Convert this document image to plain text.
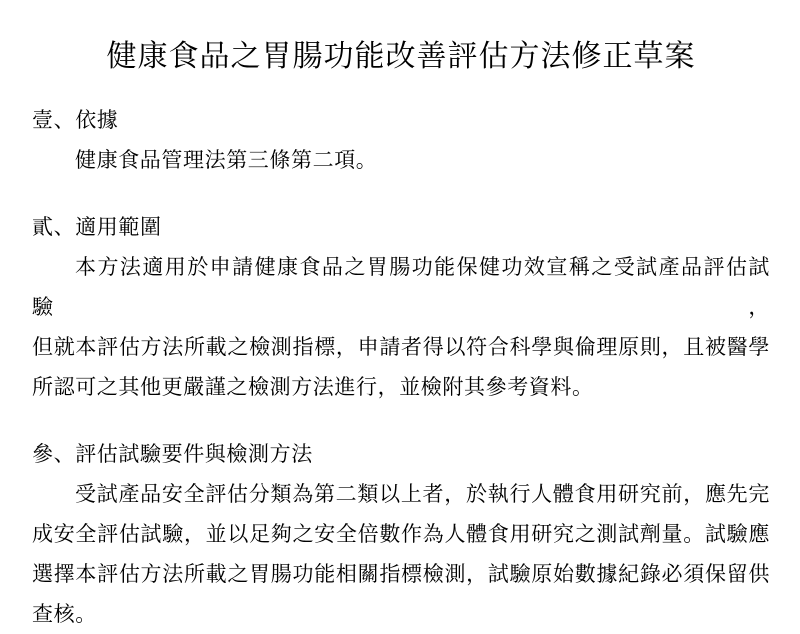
健康食品之胃腸功能改善評估方法修正草案
壹、依據
健康食品管理法第三條第二項。
貳、適用範圍
本方法適用於申請健康食品之胃腸功能保健功效宣稱之受試產品評估試驗，
但就本評估方法所載之檢測指標，申請者得以符合科學與倫理原則，且被醫學
所認可之其他更嚴謹之檢測方法進行，並檢附其參考資料。
參、評估試驗要件與檢測方法
受試產品安全評估分類為第二類以上者，於執行人體食用研究前，應先完
成安全評估試驗，並以足夠之安全倍數作為人體食用研究之測試劑量。試驗應
選擇本評估方法所載之胃腸功能相關指標檢測，試驗原始數據紀錄必須保留供
查核。
